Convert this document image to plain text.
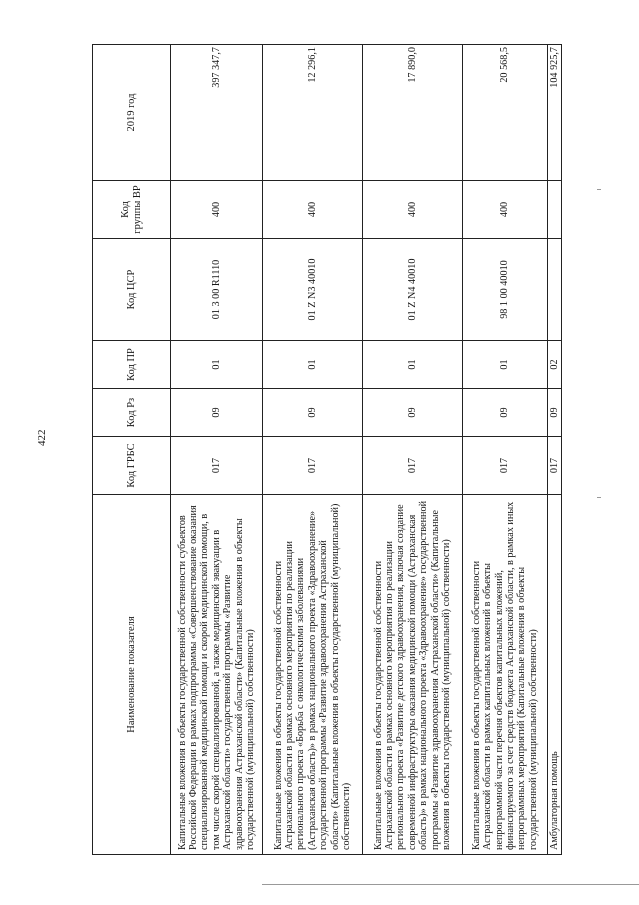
422
Наименование показателя	Код ГРБС	Код Рз	Код ПР	Код ЦСР	Код группы ВР	2019 год
Капитальные вложения в объекты государственной собственности субъектов Российской Федерации в рамках подпрограммы «Совершенствование оказания специализированной медицинской помощи и скорой медицинской помощи, в том числе скорой специализированной, а также медицинской эвакуации в Астраханской области» государственной программы «Развитие здравоохранения Астраханской области» (Капитальные вложения в объекты государственной (муниципальной) собственности)	017	09	01	01 3 00 R1110	400	397 347,7
Капитальные вложения в объекты государственной собственности Астраханской области в рамках основного мероприятия по реализации регионального проекта «Борьба с онкологическими заболеваниями (Астраханская область)» в рамках национального проекта «Здравоохранение» государственной программы «Развитие здравоохранения Астраханской области» (Капитальные вложения в объекты государственной (муниципальной) собственности)	017	09	01	01 Z N3 40010	400	12 296,1
Капитальные вложения в объекты государственной собственности Астраханской области в рамках основного мероприятия по реализации регионального проекта «Развитие детского здравоохранения, включая создание современной инфраструктуры оказания медицинской помощи (Астраханская область)» в рамках национального проекта «Здравоохранение» государственной программы «Развитие здравоохранения Астраханской области» (Капитальные вложения в объекты государственной (муниципальной) собственности)	017	09	01	01 Z N4 40010	400	17 890,0
Капитальные вложения в объекты государственной собственности Астраханской области в рамках капитальных вложений в объекты непрограммной части перечня объектов капитальных вложений, финансируемого за счет средств бюджета Астраханской области, в рамках иных непрограммных мероприятий (Капитальные вложения в объекты государственной (муниципальной) собственности)	017	09	01	98 1 00 40010	400	20 568,5
Амбулаторная помощь	017	09	02			104 925,7
